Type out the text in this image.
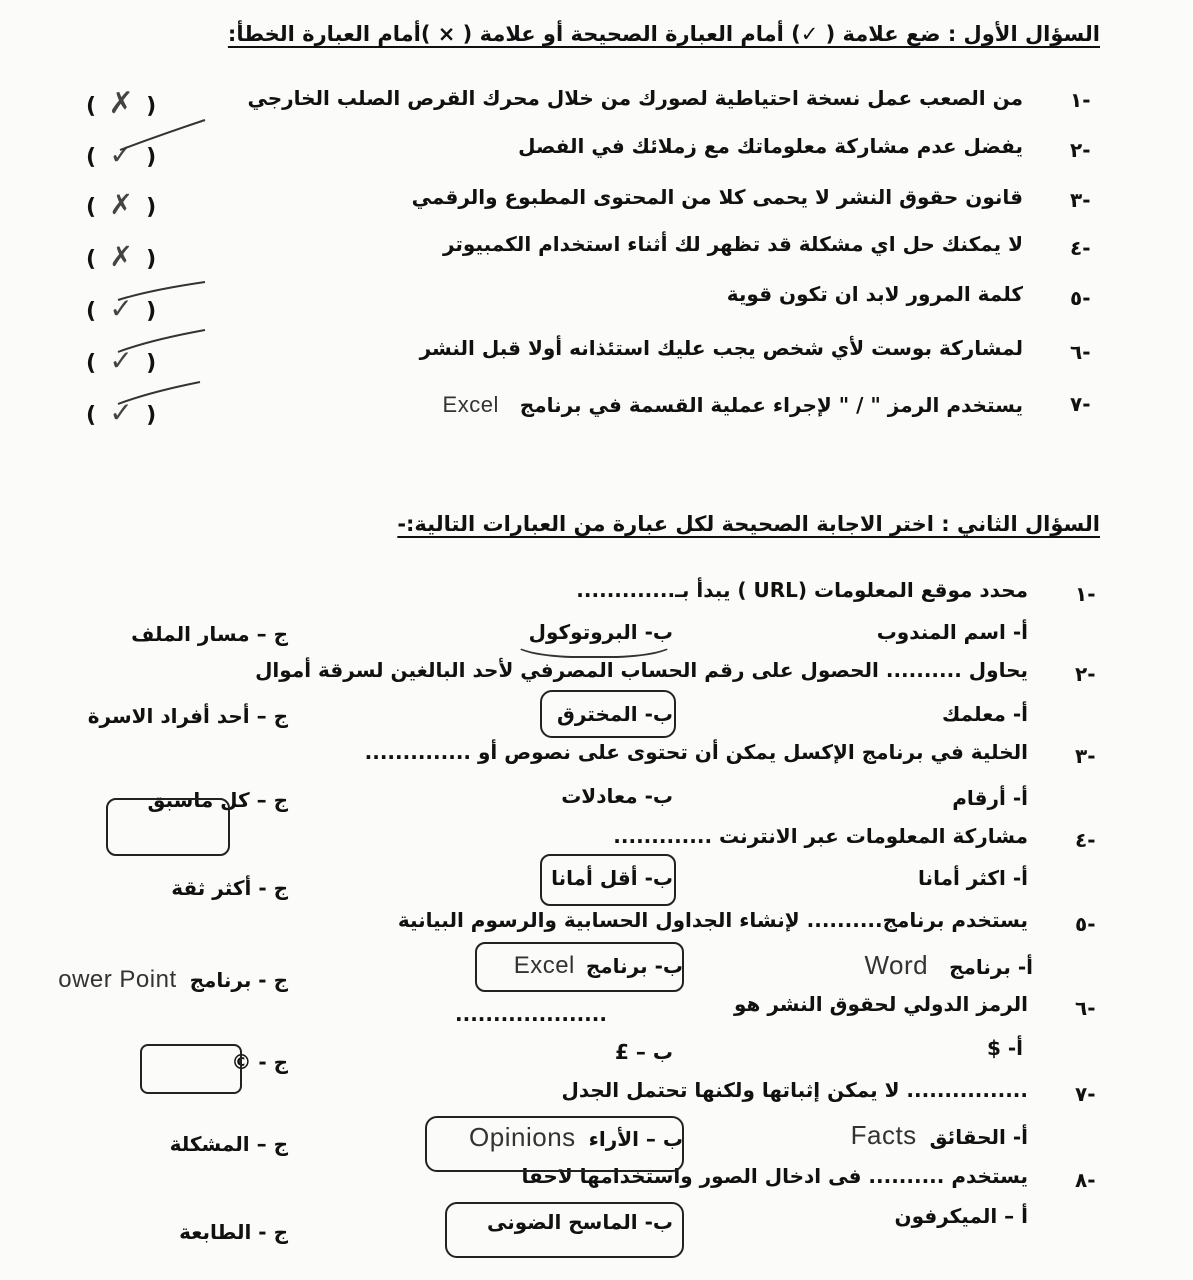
السؤال الأول : ضع علامة ( ✓) أمام العبارة الصحيحة أو علامة ( × )أمام العبارة الخطأ:
١-
من الصعب عمل نسخة احتياطية لصورك من خلال محرك القرص الصلب الخارجي
( ✗ )
٢-
يفضل عدم مشاركة معلوماتك مع زملائك في الفصل
( ✓ )
٣-
قانون حقوق النشر لا يحمى كلا من المحتوى المطبوع والرقمي
( ✗ )
٤-
لا يمكنك حل اي مشكلة قد تظهر لك أثناء استخدام الكمبيوتر
( ✗ )
٥-
كلمة المرور لابد ان تكون قوية
( ✓ )
٦-
لمشاركة بوست لأي شخص يجب عليك استئذانه أولا قبل النشر
( ✓ )
٧-
يستخدم الرمز " / " لإجراء عملية القسمة في برنامج Excel
( ✓ )
السؤال الثاني : اختر الاجابة الصحيحة لكل عبارة من العبارات التالية:-
١-
محدد موقع المعلومات (URL ) يبدأ بـ.............
أ- اسم المندوب
ب- البروتوكول
ج – مسار الملف
٢-
يحاول .......... الحصول على رقم الحساب المصرفي لأحد البالغين لسرقة أموال
أ- معلمك
ب- المخترق
ج – أحد أفراد الاسرة
٣-
الخلية في برنامج الإكسل يمكن أن تحتوى على نصوص أو ..............
أ- أرقام
ب- معادلات
ج – كل ماسبق
٤-
مشاركة المعلومات عبر الانترنت .............
أ- اكثر أمانا
ب- أقل أمانا
ج - أكثر ثقة
٥-
يستخدم برنامج.......... لإنشاء الجداول الحسابية والرسوم البيانية
أ- برنامج Word
ب- برنامج Excel
ج - برنامج ower Point
٦-
الرمز الدولي لحقوق النشر هو
....................
أ- $
ب – £
ج - ©
٧-
................ لا يمكن إثباتها ولكنها تحتمل الجدل
أ- الحقائق Facts
ب – الأراء Opinions
ج – المشكلة
٨-
يستخدم .......... فى ادخال الصور واستخدامها لاحقا
أ – الميكرفون
ب- الماسح الضونى
ج - الطابعة
